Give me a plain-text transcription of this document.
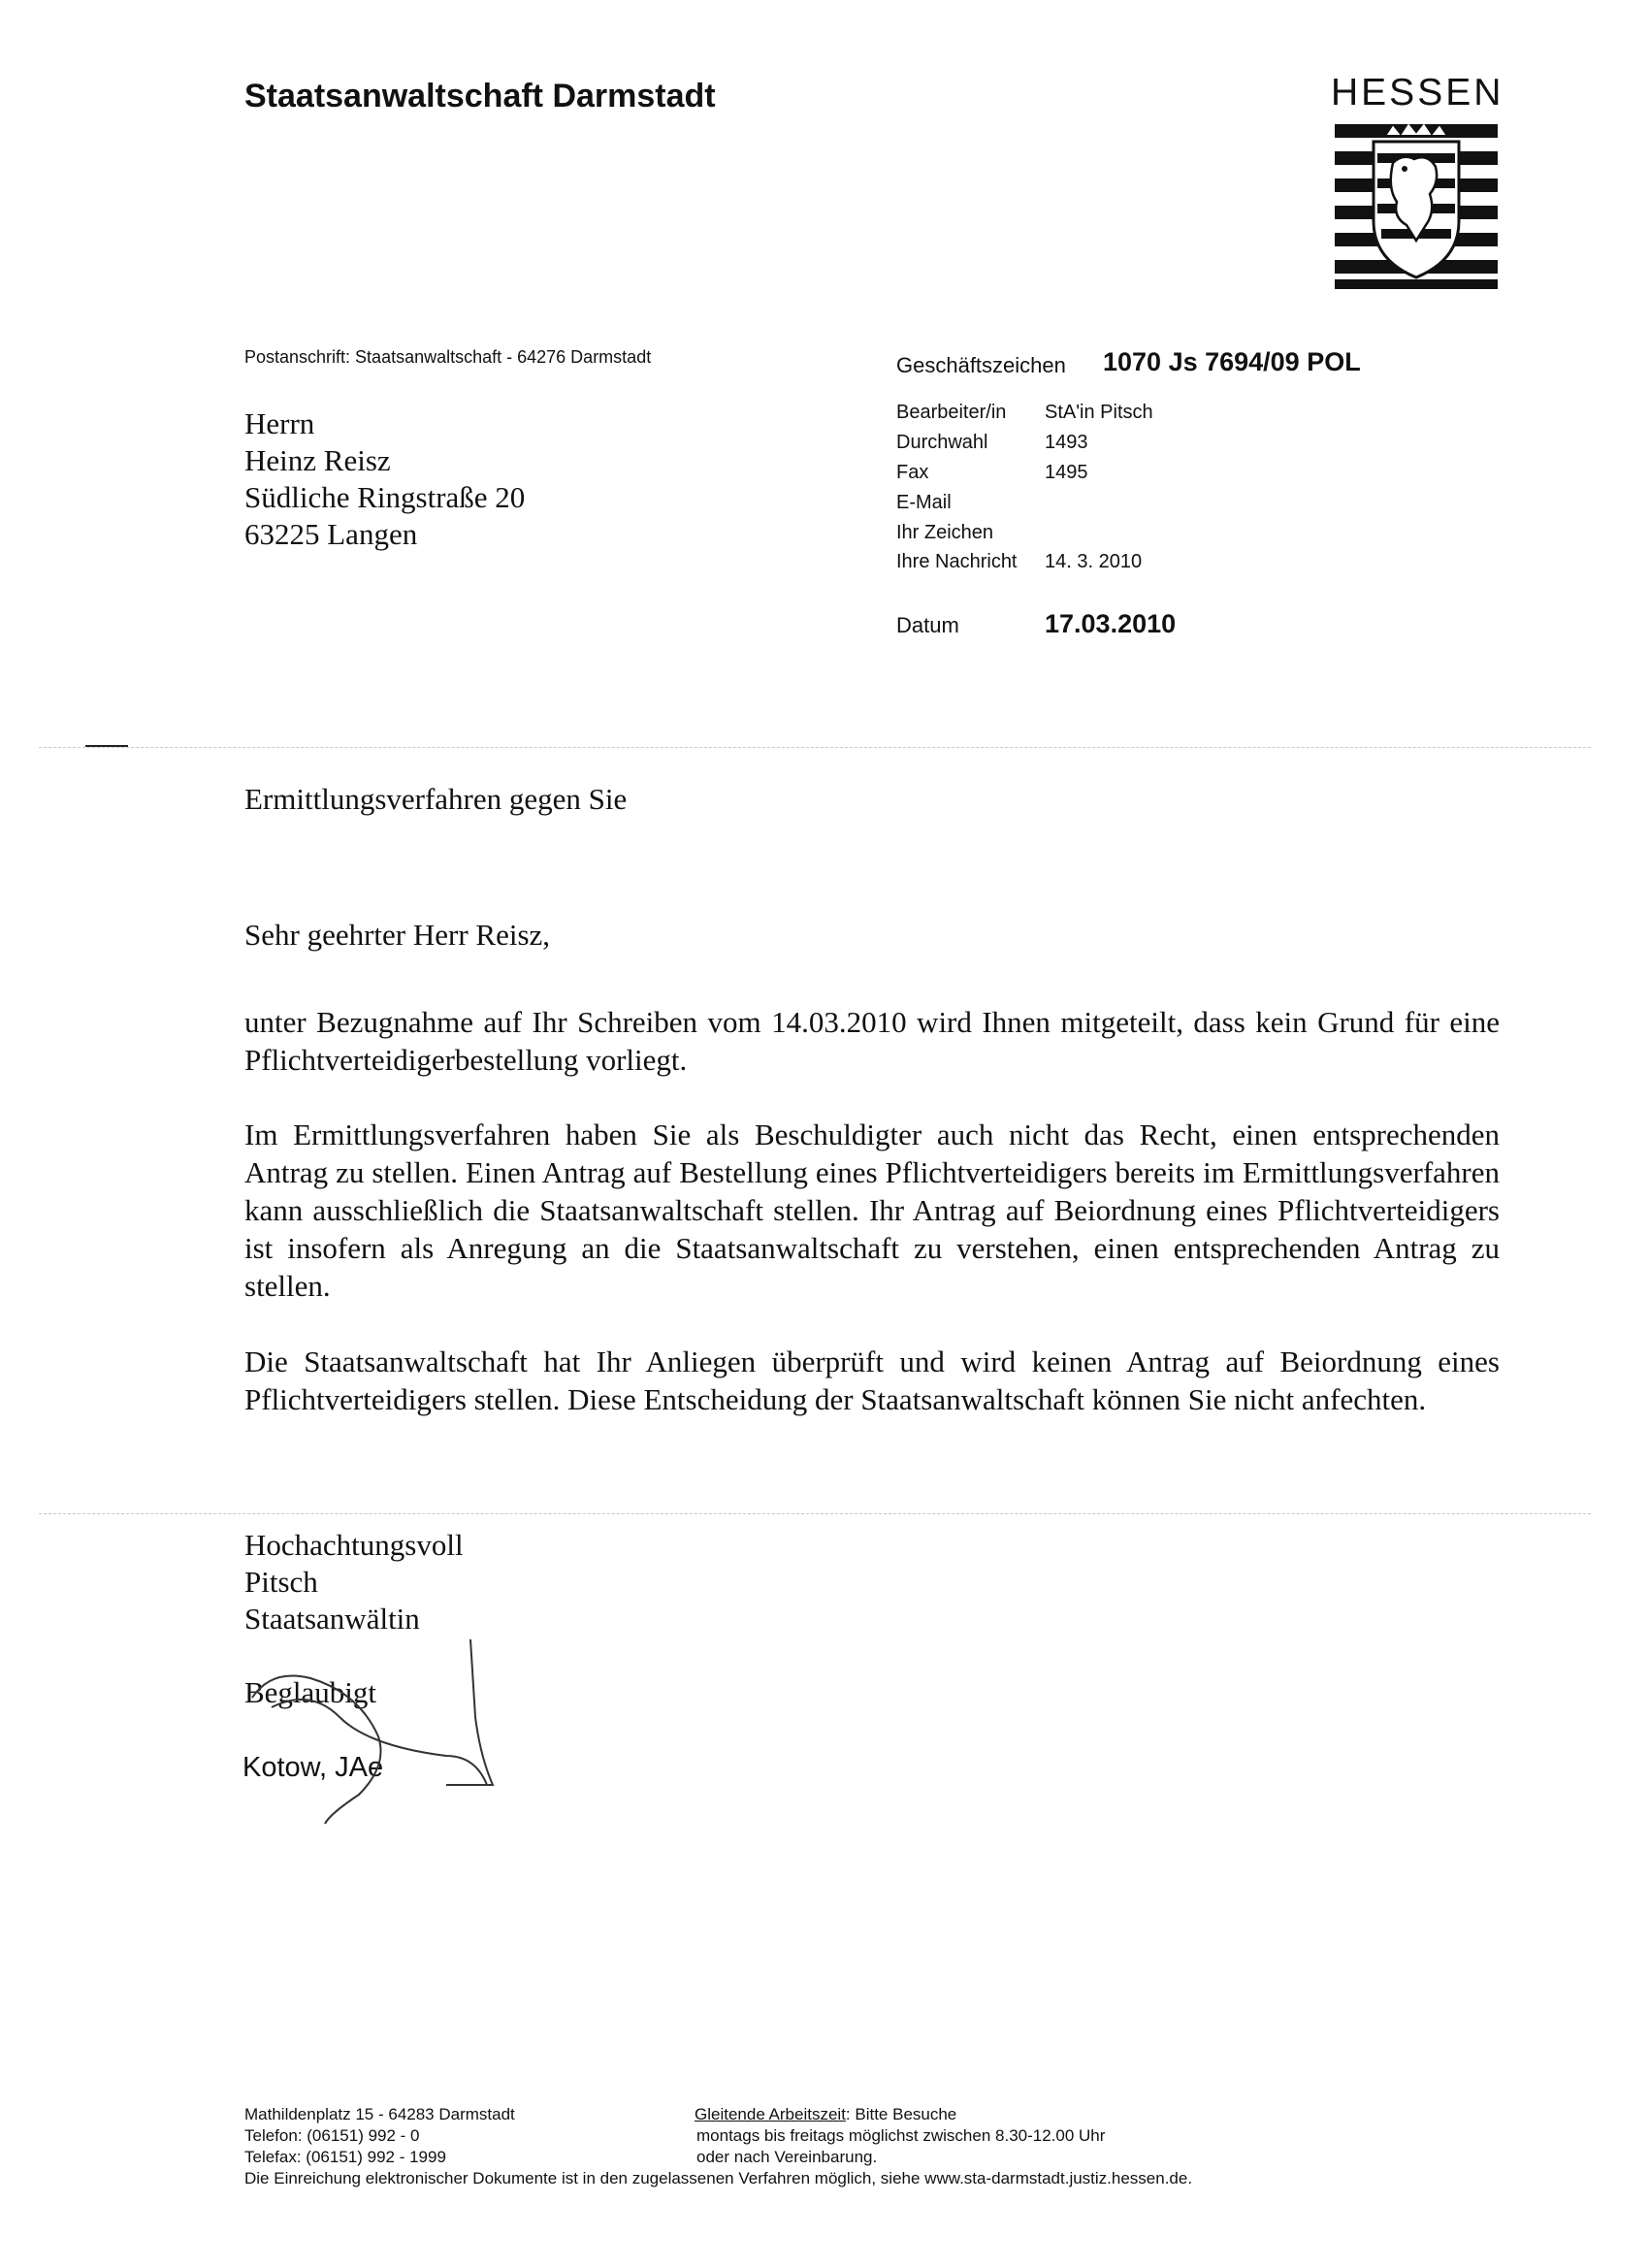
Staatsanwaltschaft Darmstadt	HESSEN
Postanschrift: Staatsanwaltschaft - 64276 Darmstadt
Herrn
Heinz Reisz
Südliche Ringstraße 20
63225 Langen
Geschäftszeichen 1070 Js 7694/09 POL
Bearbeiter/in StA'in Pitsch
Durchwahl	1493
Fax	1495
E-Mail
Ihr Zeichen
Ihre Nachricht 14. 3. 2010
Datum	17.03.2010
Ermittlungsverfahren gegen Sie
Sehr geehrter Herr Reisz,

unter Bezugnahme auf Ihr Schreiben vom 14.03.2010 wird Ihnen mitgeteilt, dass kein Grund für eine Pflichtverteidigerbestellung vorliegt.

Im Ermittlungsverfahren haben Sie als Beschuldigter auch nicht das Recht, einen entsprechenden Antrag zu stellen. Einen Antrag auf Bestellung eines Pflichtverteidigers bereits im Ermittlungsverfahren kann ausschließlich die Staatsanwaltschaft stellen. Ihr Antrag auf Beiordnung eines Pflichtverteidigers ist insofern als Anregung an die Staatsanwaltschaft zu verstehen, einen entsprechenden Antrag zu stellen.

Die Staatsanwaltschaft hat Ihr Anliegen überprüft und wird keinen Antrag auf Beiordnung eines Pflichtverteidigers stellen. Diese Entscheidung der Staatsanwaltschaft können Sie nicht anfechten.

Hochachtungsvoll
Pitsch
Staatsanwältin
Beglaubigt
Kotow, JAe
Mathildenplatz 15 - 64283 Darmstadt
Telefon: (06151) 992 - 0
Telefax: (06151) 992 - 1999
Gleitende Arbeitszeit: Bitte Besuche
montags bis freitags möglichst zwischen 8.30-12.00 Uhr
oder nach Vereinbarung.
Die Einreichung elektronischer Dokumente ist in den zugelassenen Verfahren möglich, siehe www.sta-darmstadt.justiz.hessen.de.
